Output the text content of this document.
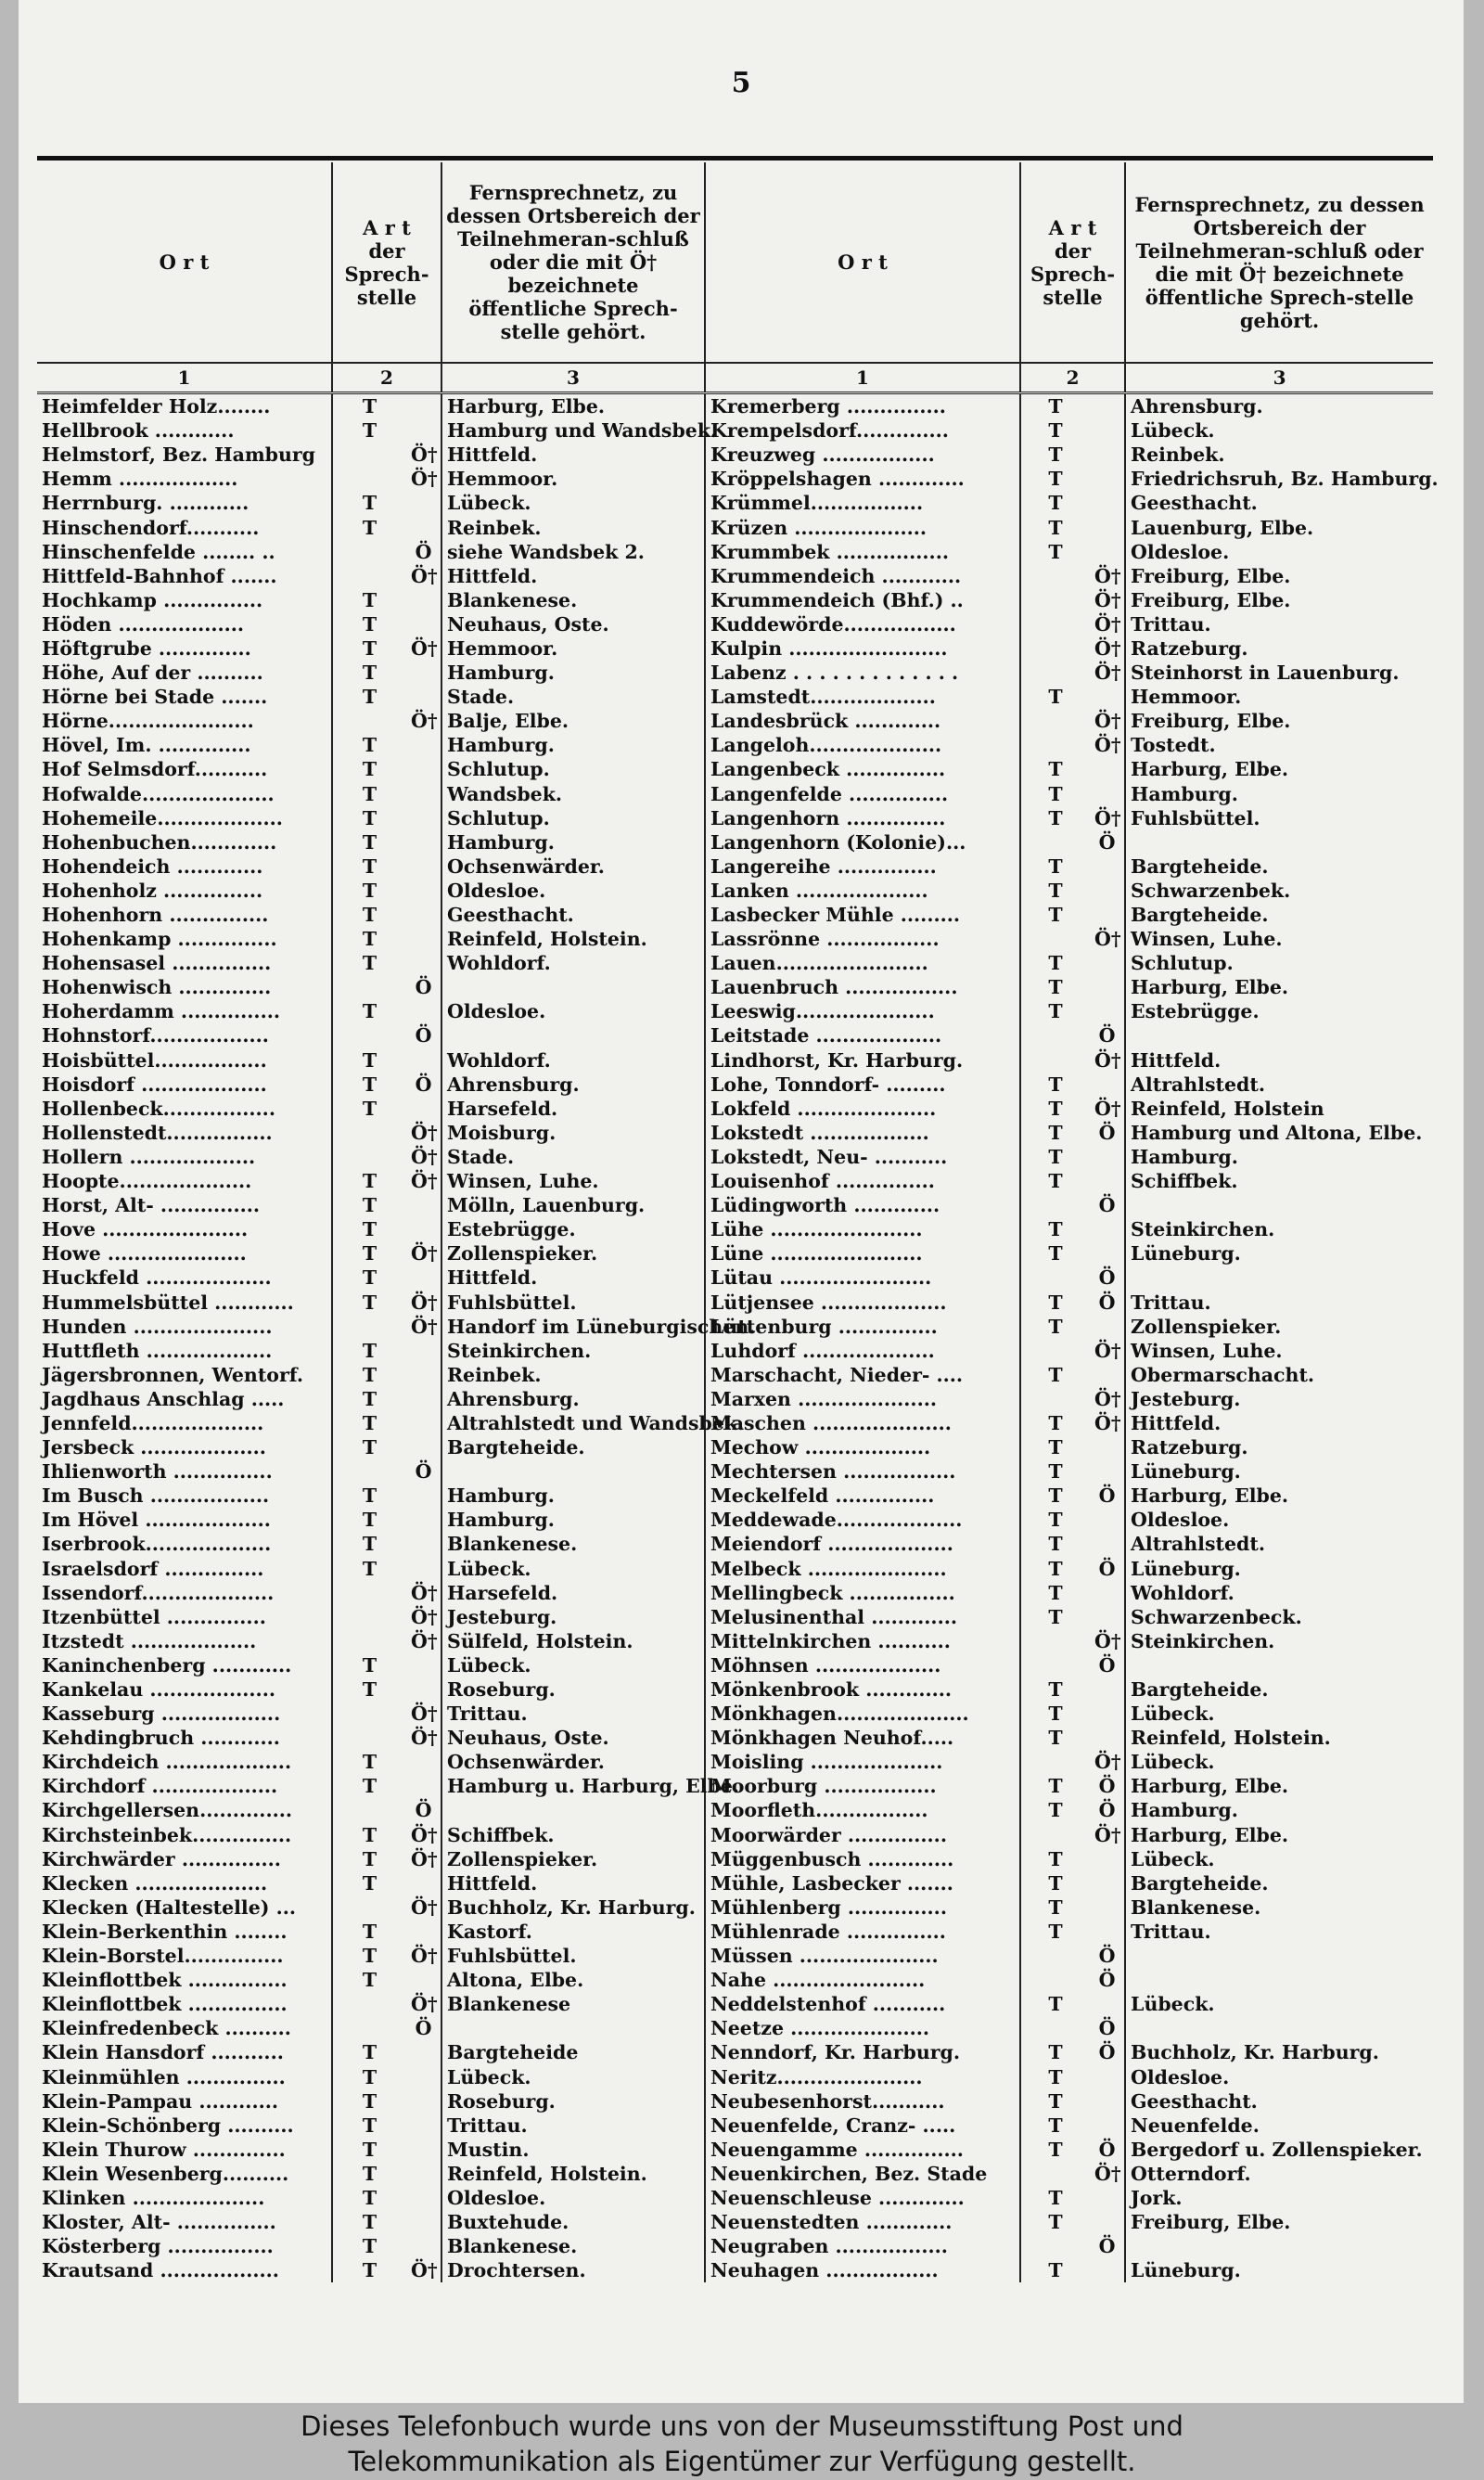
5
O r t	A r t
der
Sprech-
stelle		Fernsprechnetz, zu dessen Ortsbereich der Teilnehmeran-schluß oder die mit Ö† bezeichnete öffentliche Sprech-stelle gehört.	O r t	A r t
der
Sprech-
stelle		Fernsprechnetz, zu dessen Ortsbereich der Teilnehmeran-schluß oder die mit Ö† bezeichnete öffentliche Sprech-stelle gehört.
1	2		3	1	2		3
Heimfelder Holz........	T		Harburg, Elbe.	Kremerberg ...............	T		Ahrensburg.
Hellbrook ............	T		Hamburg und Wandsbek.	Krempelsdorf..............	T		Lübeck.
Helmstorf, Bez. Hamburg		Ö†	Hittfeld.	Kreuzweg .................	T		Reinbek.
Hemm ..................		Ö†	Hemmoor.	Kröppelshagen .............	T		Friedrichsruh, Bz. Hamburg.
Herrnburg. ............	T		Lübeck.	Krümmel.................	T		Geesthacht.
Hinschendorf...........	T		Reinbek.	Krüzen ....................	T		Lauenburg, Elbe.
Hinschenfelde ........ ..		Ö	siehe Wandsbek 2.	Krummbek .................	T		Oldesloe.
Hittfeld-Bahnhof .......		Ö†	Hittfeld.	Krummendeich ............		Ö†	Freiburg, Elbe.
Hochkamp ...............	T		Blankenese.	Krummendeich (Bhf.) ..		Ö†	Freiburg, Elbe.
Höden ...................	T		Neuhaus, Oste.	Kuddewörde.................		Ö†	Trittau.
Höftgrube ..............	T	Ö†	Hemmoor.	Kulpin ........................		Ö†	Ratzeburg.
Höhe, Auf der ..........	T		Hamburg.	Labenz . . . . . . . . . . . . .		Ö†	Steinhorst in Lauenburg.
Hörne bei Stade .......	T		Stade.	Lamstedt...................	T		Hemmoor.
Hörne......................		Ö†	Balje, Elbe.	Landesbrück .............		Ö†	Freiburg, Elbe.
Hövel, Im. ..............	T		Hamburg.	Langeloh....................		Ö†	Tostedt.
Hof Selmsdorf...........	T		Schlutup.	Langenbeck ...............	T		Harburg, Elbe.
Hofwalde....................	T		Wandsbek.	Langenfelde ...............	T		Hamburg.
Hohemeile...................	T		Schlutup.	Langenhorn ...............	T	Ö†	Fuhlsbüttel.
Hohenbuchen.............	T		Hamburg.	Langenhorn (Kolonie)...		Ö	
Hohendeich .............	T		Ochsenwärder.	Langereihe ...............	T		Bargteheide.
Hohenholz ...............	T		Oldesloe.	Lanken ....................	T		Schwarzenbek.
Hohenhorn ...............	T		Geesthacht.	Lasbecker Mühle .........	T		Bargteheide.
Hohenkamp ...............	T		Reinfeld, Holstein.	Lassrönne .................		Ö†	Winsen, Luhe.
Hohensasel ...............	T		Wohldorf.	Lauen.......................	T		Schlutup.
Hohenwisch ..............		Ö		Lauenbruch .................	T		Harburg, Elbe.
Hoherdamm ...............	T		Oldesloe.	Leeswig.....................	T		Estebrügge.
Hohnstorf..................		Ö		Leitstade ...................		Ö	
Hoisbüttel.................	T		Wohldorf.	Lindhorst, Kr. Harburg.		Ö†	Hittfeld.
Hoisdorf ...................	T	Ö	Ahrensburg.	Lohe, Tonndorf- .........	T		Altrahlstedt.
Hollenbeck.................	T		Harsefeld.	Lokfeld .....................	T	Ö†	Reinfeld, Holstein
Hollenstedt................		Ö†	Moisburg.	Lokstedt ..................	T	Ö	Hamburg und Altona, Elbe.
Hollern ...................		Ö†	Stade.	Lokstedt, Neu- ...........	T		Hamburg.
Hoopte....................	T	Ö†	Winsen, Luhe.	Louisenhof ...............	T		Schiffbek.
Horst, Alt- ...............	T		Mölln, Lauenburg.	Lüdingworth .............		Ö	
Hove ......................	T		Estebrügge.	Lühe .......................	T		Steinkirchen.
Howe .....................	T	Ö†	Zollenspieker.	Lüne .......................	T		Lüneburg.
Huckfeld ...................	T		Hittfeld.	Lütau .......................		Ö	
Hummelsbüttel ............	T	Ö†	Fuhlsbüttel.	Lütjensee ...................	T	Ö	Trittau.
Hunden .....................		Ö†	Handorf im Lüneburgischen.	Lüttenburg ...............	T		Zollenspieker.
Huttfleth ...................	T		Steinkirchen.	Luhdorf ....................		Ö†	Winsen, Luhe.
Jägersbronnen, Wentorf.	T		Reinbek.	Marschacht, Nieder- ....	T		Obermarschacht.
Jagdhaus Anschlag .....	T		Ahrensburg.	Marxen .....................		Ö†	Jesteburg.
Jennfeld....................	T		Altrahlstedt und Wandsbek.	Maschen .....................	T	Ö†	Hittfeld.
Jersbeck ...................	T		Bargteheide.	Mechow ...................	T		Ratzeburg.
Ihlienworth ...............		Ö		Mechtersen .................	T		Lüneburg.
Im Busch ..................	T		Hamburg.	Meckelfeld ...............	T	Ö	Harburg, Elbe.
Im Hövel ...................	T		Hamburg.	Meddewade...................	T		Oldesloe.
Iserbrook...................	T		Blankenese.	Meiendorf ...................	T		Altrahlstedt.
Israelsdorf ...............	T		Lübeck.	Melbeck .....................	T	Ö	Lüneburg.
Issendorf....................		Ö†	Harsefeld.	Mellingbeck ................	T		Wohldorf.
Itzenbüttel ...............		Ö†	Jesteburg.	Melusinenthal .............	T		Schwarzenbeck.
Itzstedt ...................		Ö†	Sülfeld, Holstein.	Mittelnkirchen ...........		Ö†	Steinkirchen.
Kaninchenberg ............	T		Lübeck.	Möhnsen ...................		Ö	
Kankelau ...................	T		Roseburg.	Mönkenbrook .............	T		Bargteheide.
Kasseburg ..................		Ö†	Trittau.	Mönkhagen....................	T		Lübeck.
Kehdingbruch ............		Ö†	Neuhaus, Oste.	Mönkhagen Neuhof.....	T		Reinfeld, Holstein.
Kirchdeich ...................	T		Ochsenwärder.	Moisling ....................		Ö†	Lübeck.
Kirchdorf ...................	T		Hamburg u. Harburg, Elbe.	Moorburg .................	T	Ö	Harburg, Elbe.
Kirchgellersen..............		Ö		Moorfleth.................	T	Ö	Hamburg.
Kirchsteinbek...............	T	Ö†	Schiffbek.	Moorwärder ...............		Ö†	Harburg, Elbe.
Kirchwärder ...............	T	Ö†	Zollenspieker.	Müggenbusch .............	T		Lübeck.
Klecken ....................	T		Hittfeld.	Mühle, Lasbecker .......	T		Bargteheide.
Klecken (Haltestelle) ...		Ö†	Buchholz, Kr. Harburg.	Mühlenberg ...............	T		Blankenese.
Klein-Berkenthin ........	T		Kastorf.	Mühlenrade ...............	T		Trittau.
Klein-Borstel...............	T	Ö†	Fuhlsbüttel.	Müssen .....................		Ö	
Kleinflottbek ...............	T		Altona, Elbe.	Nahe .......................		Ö	
Kleinflottbek ...............		Ö†	Blankenese	Neddelstenhof ...........	T		Lübeck.
Kleinfredenbeck ..........		Ö		Neetze .....................		Ö	
Klein Hansdorf ...........	T		Bargteheide	Nenndorf, Kr. Harburg.	T	Ö	Buchholz, Kr. Harburg.
Kleinmühlen ...............	T		Lübeck.	Neritz......................	T		Oldesloe.
Klein-Pampau ............	T		Roseburg.	Neubesenhorst...........	T		Geesthacht.
Klein-Schönberg ..........	T		Trittau.	Neuenfelde, Cranz- .....	T		Neuenfelde.
Klein Thurow ..............	T		Mustin.	Neuengamme ...............	T	Ö	Bergedorf u. Zollenspieker.
Klein Wesenberg..........	T		Reinfeld, Holstein.	Neuenkirchen, Bez. Stade		Ö†	Otterndorf.
Klinken ....................	T		Oldesloe.	Neuenschleuse .............	T		Jork.
Kloster, Alt- ...............	T		Buxtehude.	Neuenstedten .............	T		Freiburg, Elbe.
Kösterberg ................	T		Blankenese.	Neugraben .................		Ö	
Krautsand ..................	T	Ö†	Drochtersen.	Neuhagen .................	T		Lüneburg.
Dieses Telefonbuch wurde uns von der Museumsstiftung Post und
Telekommunikation als Eigentümer zur Verfügung gestellt.
